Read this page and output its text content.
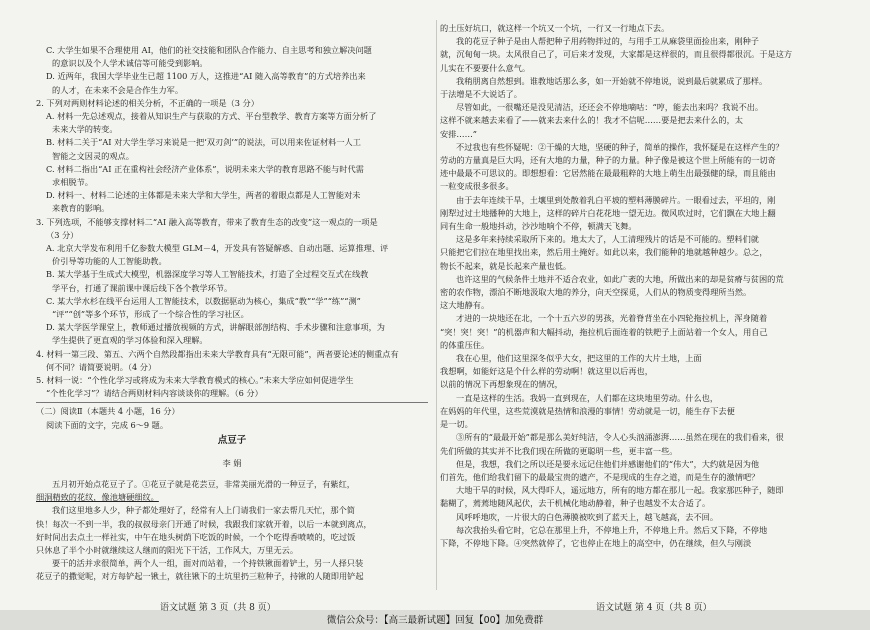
C. 大学生如果不合理使用 AI，他们的社交技能和团队合作能力、自主思考和独立解决问题

的意识以及个人学术诚信等可能受到影响。

D. 近两年，我国大学毕业生已超 1100 万人，这推进“AI 随入高等教育”的方式培养出来

的人才，在未来不会是合作生力军。

2. 下列对两则材料论述的相关分析，不正确的一项是（3 分）

A. 材料一先总述观点，接着从知识生产与获取的方式、平台型教学、教育方案等方面分析了

未来大学的转变。

B. 材料二关于“AI 对大学生学习来说是一把‘双刃剑’”的说法，可以用来佐证材料一人工

智能之文因灵的观点。

C. 材料二指出“AI 正在重构社会经济产业体系”，说明未来大学的教育思路不能与时代需

求相脱节。

D. 材料一、材料二论述的主体都是未来大学和大学生，两者的着眼点都是人工智能对未

来教育的影响。

3. 下列选项，不能够支撑材料二“AI 融入高等教育，带来了教育生态的改变”这一观点的一项是

（3 分）

A. 北京大学发布利用千亿参数大模型 GLM－4，开发具有答疑解惑、自动出题、运算推理、评

价引导等功能的人工智能助教。

B. 某大学基于生成式大模型，机器深度学习等人工智能技术，打造了全过程交互式在线教

学平台，打通了课前课中课后线下各个教学环节。

C. 某大学水杉在线平台运用人工智能技术，以数据驱动为核心，集成“教”“学”“练”“测”

“评”“创”等多个环节，形成了一个综合性的学习社区。

D. 某大学医学课堂上，教师通过播放视频的方式，讲解眼部剖结构、手术步骤和注意事项，为

学生提供了更直观的学习体验和深入理解。

4. 材料一第三段、第五、六两个自然段都指出未来大学教育具有“无限可能”，两者要论述的侧重点有

何不同？请简要说明。（4 分）

5. 材料一说：“个性化学习或将成为未来大学教育模式的核心。”未来大学应如何促进学生

“个性化学习”？请结合两则材料内容谈谈你的理解。（6 分）

（二）阅读Ⅱ（本题共 4 小题，16 分）

阅读下面的文字，完成 6～9 题。

点豆子

李 娟

五月初开始点花豆子了。①花豆子就是花芸豆，非常美丽光滑的一种豆子，有紫红，

细洞精致的花纹，像池塘硬细纹。

我们这里地多人少，种子都处理好了，经常有人上门请我们一家去帮几天忙，那个简

快！每次一不到一半，我的叔叔母亲门开通了时候，我跟我们家就开着，以后一本就到离点，

好时间出去点土一样社实，中午在地头树荫下吃饭的时候，一个个吃得香喷喷的，吃过饭

只休息了半个小时就继续这人继而的阳光下干活，工作风大，万里无云。

要干的活并求很简单，两个人一组，面对而站着，一个持铁锹面着铲土，另一人择只装

花豆子的撒觉呢，对方每铲起一锹土，就往锹下的土坑里扔三粒种子，持锹的人随即用铲起

的土压好坑口，就这样一个坑又一个坑，一行又一行地点下去。

我的花豆子种子是由人帮把种子用药物拌过的，与用手工从麻袋里面捡出来，刚种子

就，沉甸甸一块。太风很自己了，可后来才发现，大家都是这样很的，而且很得都很沉。于是这方

儿实在不要要什么意气。

我稍朋离自然想到。谁教地话那么多，如一开始就不停地说，说到最后就累成了那样。

于法增是不大说话了。

尽管如此，一很嘴还是没见清洁，还还会不停地嘀咕：“哼，能去出来吗？我说不出。

这样不就来越去来看了——就来去来什么的！我才不信呢……要是把去来什么的，太

安排……”

不过我也有些怀疑呢：②干燥的大地，坚硬的种子，简单的操作，我怀疑是在这样产生的？

劳动的方量真是巨大吗，还有大地的力量，种子的力量。种子像是被这个世上所能有的一切奇

迹中最最不可思议的。即想想看：它居然能在最最粗粹的大地上萌生出最强健的绿，而且能由

一粒变成很多很多。

由于去年连续干旱，土壤里到处散着乳白平坡的塑料薄膜碎片。一眼看过去，平坦的，刚

刚犁过过土地播种的大地上，这样的碎片白花花地一望无边。微风吹过时，它们飘在大地上翻

同有生命一般地抖动，沙沙地响个不停，顿满天飞舞。

这是多年来持续采取所下来的。地太大了，人工清理残片的话是不可能的。塑料们就

只能把它们拉在地里找出来，然后用土掩好。如此以来，我们能种的地就越种越少。总之，

物长不起来，就是长起来产量也低。

也许这里的气候条件土地并不适合农业，如此广袤的大地，所做出来的却是贫瘠与贫困的荒

密的农作物，漂泊不断地汲取大地的养分，向天空探觅，人们从的物质变得理所当然。

这大地静有。

才进的一块地还在北，一个十五六岁的男孩，光着脊背坐在小四轮拖拉机上，浑身随着

“突！突！突！”的机器声和大幅抖动，拖拉机后面连着的铁耙子上面站着一个女人，用自己

的体重压住。

我在心里，他们这里深冬似乎大女，把这里的工作的大片土地，上面

我想啊，如能好这是个什么样的劳动啊！就这里以后再也，

以前的情况下再想象现在的情况，

一直是这样的生活。我妈一直到现在，人们都在这块地里劳动。什么也，

在妈妈的年代里，这些荒漠就是热情和浪漫的事情！劳动就是一切，能生存下去便

是一切。

③所有的“最最开始”都是那么美好纯洁，令人心头汹涌澎湃……虽然在现在的我们看来，很

先们所做的其实并不比我们现在所做的更聪明一些，更丰富一些。

但是，我想，我们之所以还是要永远记住他们并感谢他们的“伟大”，大约就是因为他

们首先，他们给我们留下的最最宝贵的遗产，不是现成的生存之道，而是生存的激情吧？

大地干旱的时候，风大得吓人，遥远地方，所有的地方都在那儿一起。我家那匹种子，随即

黏糊了，蔫蔫地随风起伏，去干机械化地动静着，种子也越发不太合适了。

风呼呼地吹，一片很大的白色薄膜被吹到了蓝天上，越飞越高，去不回。

每次我抬头看它时，它总在那里上升，不停地上升，不停地上升。然后又下降，不停地

下降，不停地下降。④突然就停了，它也停止在地上的高空中，仍在继续，但久与刚淡

语文试题 第 3 页（共 8 页）	语文试题 第 4 页（共 8 页）
微信公众号：【高三最新试题】回复【00】加免费群
